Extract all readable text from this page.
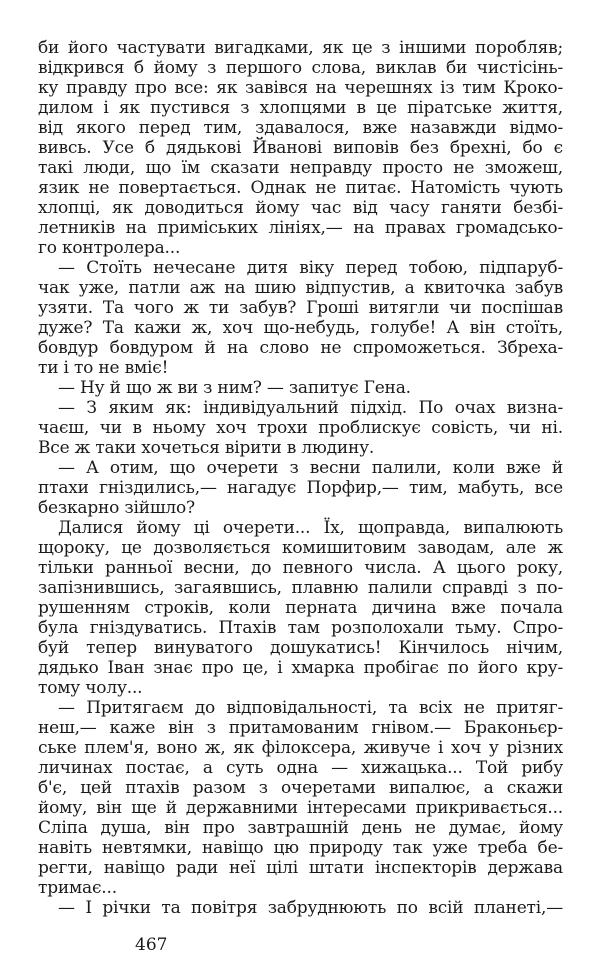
би його частувати вигадками, як це з іншими поробляв;
відкрився б йому з першого слова, виклав би чистісінь-
ку правду про все: як завівся на черешнях із тим Кроко-
дилом і як пустився з хлопцями в це піратське життя,
від якого перед тим, здавалося, вже назавжди відмо-
вивсь. Усе б дядькові Йванові виповів без брехні, бо є
такі люди, що їм сказати неправду просто не зможеш,
язик не повертається. Однак не питає. Натомість чують
хлопці, як доводиться йому час від часу ганяти безбі-
летників на приміських лініях,— на правах громадсько-
го контролера...
— Стоїть нечесане дитя віку перед тобою, підпаруб-
чак уже, патли аж на шию відпустив, а квиточка забув
узяти. Та чого ж ти забув? Гроші витягли чи поспішав
дуже? Та кажи ж, хоч що-небудь, голубе! А він стоїть,
бовдур бовдуром й на слово не спроможеться. Збреха-
ти і то не вміє!
— Ну й що ж ви з ним? — запитує Гена.
— З яким як: індивідуальний підхід. По очах визна-
чаєш, чи в ньому хоч трохи проблискує совість, чи ні.
Все ж таки хочеться вірити в людину.
— А отим, що очерети з весни палили, коли вже й
птахи гніздились,— нагадує Порфир,— тим, мабуть, все
безкарно зійшло?
Далися йому ці очерети... Їх, щоправда, випалюють
щороку, це дозволяється комишитовим заводам, але ж
тільки ранньої весни, до певного числа. А цього року,
запізнившись, загаявшись, плавню палили справді з по-
рушенням строків, коли перната дичина вже почала
була гніздуватись. Птахів там розполохали тьму. Спро-
буй тепер винуватого дошукатись! Кінчилось нічим,
дядько Іван знає про це, і хмарка пробігає по його кру-
тому чолу...
— Притягаєм до відповідальності, та всіх не притяг-
неш,— каже він з притамованим гнівом.— Браконьєр-
ське плем'я, воно ж, як філоксера, живуче і хоч у різних
личинах постає, а суть одна — хижацька... Той рибу
б'є, цей птахів разом з очеретами випалює, а скажи
йому, він ще й державними інтересами прикривається...
Сліпа душа, він про завтрашній день не думає, йому
навіть невтямки, навіщо цю природу так уже треба бе-
регти, навіщо ради неї цілі штати інспекторів держава
тримає...
— І річки та повітря забруднюють по всій планеті,—
467
